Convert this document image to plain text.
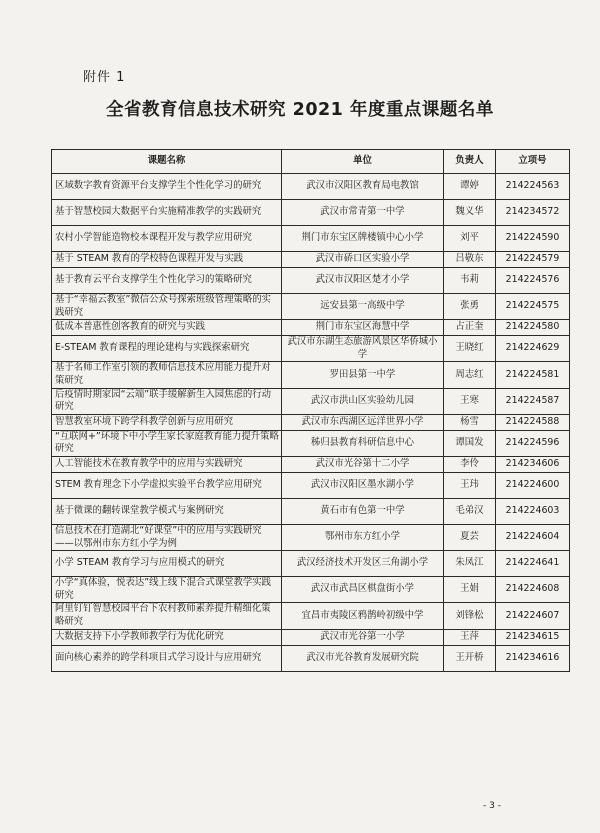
附件 1
全省教育信息技术研究 2021 年度重点课题名单
课题名称	单位	负责人	立项号
区域数字教育资源平台支撑学生个性化学习的研究	武汉市汉阳区教育局电教馆	谭婷	214224563
基于智慧校园大数据平台实施精准教学的实践研究	武汉市常青第一中学	魏义华	214234572
农村小学智能造物校本课程开发与教学应用研究	荆门市东宝区牌楼镇中心小学	刘平	214224590
基于 STEAM 教育的学校特色课程开发与实践	武汉市硚口区实验小学	吕敬东	214224579
基于教育云平台支撑学生个性化学习的策略研究	武汉市汉阳区楚才小学	韦莉	214224576
基于“幸福云教室”微信公众号探索班级管理策略的实践研究	远安县第一高级中学	张勇	214224575
低成本普惠性创客教育的研究与实践	荆门市东宝区海慧中学	占正奎	214224580
E-STEAM 教育课程的理论建构与实践探索研究	武汉市东湖生态旅游风景区华侨城小学	王晓红	214224629
基于名师工作室引领的教师信息技术应用能力提升对策研究	罗田县第一中学	周志红	214224581
后疫情时期家园“云端”联手缓解新生入园焦虑的行动研究	武汉市洪山区实验幼儿园	王寒	214224587
智慧教室环境下跨学科教学创新与应用研究	武汉市东西湖区远洋世界小学	杨雪	214224588
“互联网+”环境下中小学生家长家庭教育能力提升策略研究	秭归县教育科研信息中心	谭国发	214224596
人工智能技术在教育教学中的应用与实践研究	武汉市光谷第十二小学	李伶	214234606
STEM 教育理念下小学虚拟实验平台教学应用研究	武汉市汉阳区墨水湖小学	王玮	214224600
基于微课的翻转课堂教学模式与案例研究	黄石市有色第一中学	毛弟汉	214224603
信息技术在打造湖北“好课堂”中的应用与实践研究——以鄂州市东方红小学为例	鄂州市东方红小学	夏芸	214224604
小学 STEAM 教育学习与应用模式的研究	武汉经济技术开发区三角湖小学	朱凤江	214224641
小学“真体验，悦表达”线上线下混合式课堂教学实践研究	武汉市武昌区棋盘街小学	王娟	214224608
阿里钉钉智慧校园平台下农村教师素养提升精细化策略研究	宜昌市夷陵区鸦鹊岭初级中学	刘锋松	214224607
大数据支持下小学教师教学行为优化研究	武汉市光谷第一小学	王萍	214234615
面向核心素养的跨学科项目式学习设计与应用研究	武汉市光谷教育发展研究院	王开桥	214234616
- 3 -
